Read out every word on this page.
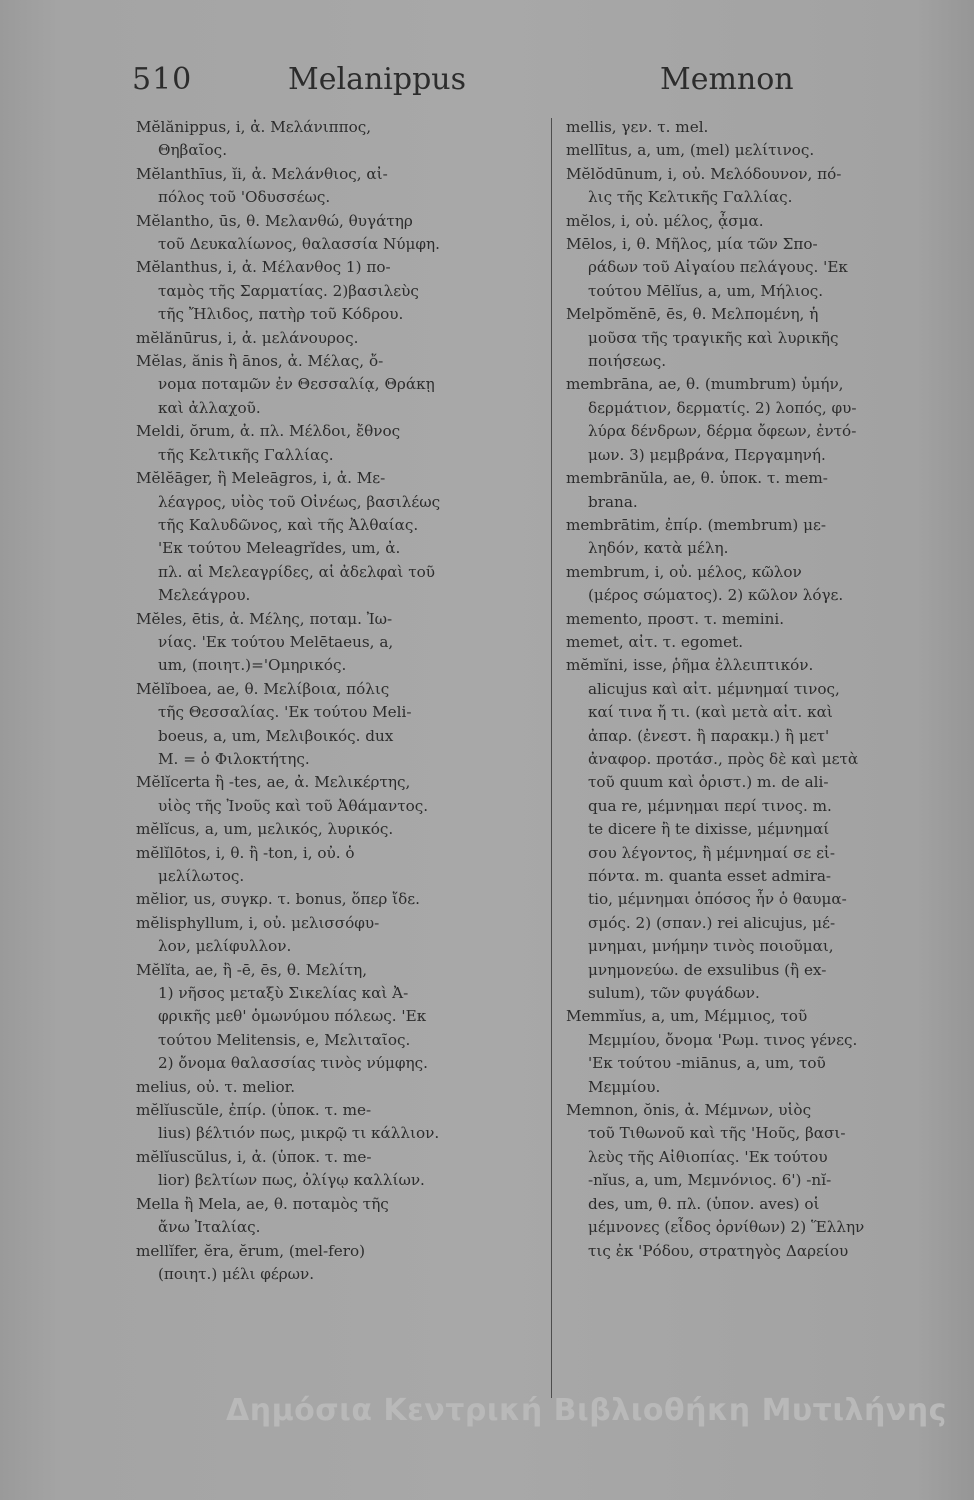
510	Melanippus	Memnon
Mĕlănippus, i, ἀ. Μελάνιππος,
Θηβαῖος.
Mĕlanthīus, ĭi, ἀ. Μελάνθιος, αἰ-
πόλος τοῦ 'Οδυσσέως.
Mĕlantho, ūs, θ. Μελανθώ, θυγάτηρ
τοῦ Δευκαλίωνος, θαλασσία Νύμφη.
Mĕlanthus, i, ἀ. Μέλανθος 1) πο-
ταμὸς τῆς Σαρματίας. 2)βασιλεὺς
τῆς Ἤλιδος, πατὴρ τοῦ Κόδρου.
mĕlănūrus, i, ἀ. μελάνουρος.
Mĕlas, ănis ἢ ānos, ἀ. Μέλας, ὄ-
νομα ποταμῶν ἐν Θεσσαλίᾳ, Θράκῃ
καὶ ἀλλαχοῦ.
Meldi, ŏrum, ἀ. πλ. Μέλδοι, ἔθνος
τῆς Κελτικῆς Γαλλίας.
Mĕlĕāger, ἢ Meleāgros, i, ἀ. Με-
λέαγρος, υἱὸς τοῦ Οἰνέως, βασιλέως
τῆς Καλυδῶνος, καὶ τῆς Ἀλθαίας.
'Εκ τούτου Meleagrĭdes, um, ἀ.
πλ. αἱ Μελεαγρίδες, αἱ ἀδελφαὶ τοῦ
Μελεάγρου.
Mĕles, ētis, ἀ. Μέλης, ποταμ. Ἰω-
νίας. 'Εκ τούτου Melētaeus, a,
um, (ποιητ.)='Ομηρικός.
Mĕlĭboea, ae, θ. Μελίβοια, πόλις
τῆς Θεσσαλίας. 'Εκ τούτου Meli-
boeus, a, um, Μελιβοικός. dux
M. = ὁ Φιλοκτήτης.
Mĕlĭcerta ἢ -tes, ae, ἀ. Μελικέρτης,
υἱὸς τῆς Ἰνοῦς καὶ τοῦ Ἀθάμαντος.
mĕlĭcus, a, um, μελικός, λυρικός.
mĕlĭlōtos, i, θ. ἢ -ton, i, οὐ. ὁ
μελίλωτος.
mĕlior, us, συγκρ. τ. bonus, ὅπερ ἴδε.
mĕlisphyllum, i, οὐ. μελισσόφυ-
λον, μελίφυλλον.
Mĕlĭta, ae, ἢ -ē, ēs, θ. Μελίτη,
1) νῆσος μεταξὺ Σικελίας καὶ Ἀ-
φρικῆς μεθ' ὁμωνύμου πόλεως. 'Εκ
τούτου Melitensis, e, Μελιταῖος.
2) ὄνομα θαλασσίας τινὸς νύμφης.
melius, οὐ. τ. melior.
mĕlĭuscŭle, ἐπίρ. (ὑποκ. τ. me-
lius) βέλτιόν πως, μικρῷ τι κάλλιον.
mĕlĭuscŭlus, i, ἀ. (ὑποκ. τ. me-
lior) βελτίων πως, ὀλίγῳ καλλίων.
Mella ἢ Mela, ae, θ. ποταμὸς τῆς
ἄνω Ἰταλίας.
mellĭfer, ĕra, ĕrum, (mel-fero)
(ποιητ.) μέλι φέρων.
mellis, γεν. τ. mel.
mellītus, a, um, (mel) μελίτινος.
Mĕlŏdūnum, i, οὐ. Μελόδουνον, πό-
λις τῆς Κελτικῆς Γαλλίας.
mĕlos, i, οὐ. μέλος, ᾆσμα.
Mēlos, i, θ. Μῆλος, μία τῶν Σπο-
ράδων τοῦ Αἰγαίου πελάγους. 'Εκ
τούτου Mēlĭus, a, um, Μήλιος.
Melpŏmĕnē, ēs, θ. Μελπομένη, ἡ
μοῦσα τῆς τραγικῆς καὶ λυρικῆς
ποιήσεως.
membrāna, ae, θ. (mumbrum) ὑμήν,
δερμάτιον, δερματίς. 2) λοπός, φυ-
λύρα δένδρων, δέρμα ὄφεων, ἐντό-
μων. 3) μεμβράνα, Περγαμηνή.
membrānŭla, ae, θ. ὑποκ. τ. mem-
brana.
membrātim, ἐπίρ. (membrum) με-
ληδόν, κατὰ μέλη.
membrum, i, οὐ. μέλος, κῶλον
(μέρος σώματος). 2) κῶλον λόγε.
memento, προστ. τ. memini.
memet, αἰτ. τ. egomet.
mĕmĭni, isse, ῥῆμα ἐλλειπτικόν.
alicujus καὶ αἰτ. μέμνημαί τινος,
καί τινα ἤ τι. (καὶ μετὰ αἰτ. καὶ
ἀπαρ. (ἐνεστ. ἢ παρακμ.) ἢ μετ'
ἀναφορ. προτάσ., πρὸς δὲ καὶ μετὰ
τοῦ quum καὶ ὁριστ.) m. de ali-
qua re, μέμνημαι περί τινος. m.
te dicere ἢ te dixisse, μέμνημαί
σου λέγοντος, ἢ μέμνημαί σε εἰ-
πόντα. m. quanta esset admira-
tio, μέμνημαι ὁπόσος ἦν ὁ θαυμα-
σμός. 2) (σπαν.) rei alicujus, μέ-
μνημαι, μνήμην τινὸς ποιοῦμαι,
μνημονεύω. de exsulibus (ἢ ex-
sulum), τῶν φυγάδων.
Memmĭus, a, um, Μέμμιος, τοῦ
Μεμμίου, ὄνομα 'Ρωμ. τινος γένες.
'Εκ τούτου -miānus, a, um, τοῦ
Μεμμίου.
Memnon, ŏnis, ἀ. Μέμνων, υἱὸς
τοῦ Τιθωνοῦ καὶ τῆς 'Ηοῦς, βασι-
λεὺς τῆς Αἰθιοπίας. 'Εκ τούτου
-nĭus, a, um, Μεμνόνιος. 6') -nĭ-
des, um, θ. πλ. (ὑπον. aves) οἱ
μέμνονες (εἶδος ὀρνίθων) 2) Ἕλλην
τις ἐκ 'Ρόδου, στρατηγὸς Δαρείου
Δημόσια Κεντρική Βιβλιοθήκη Μυτιλήνης
